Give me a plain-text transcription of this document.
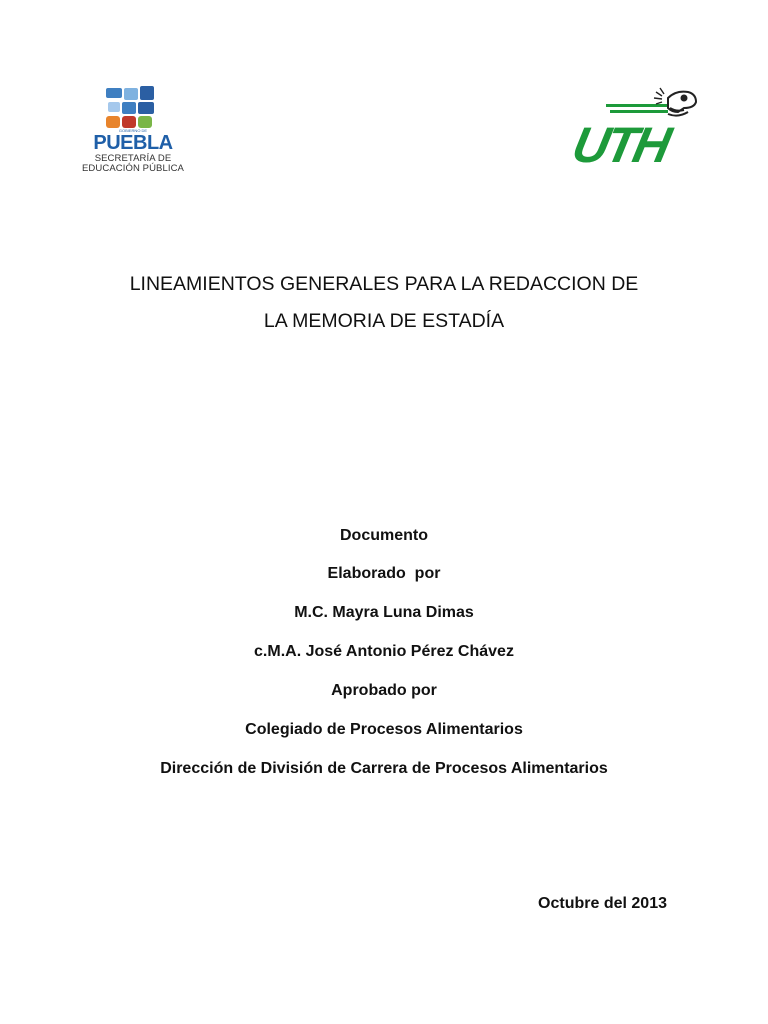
GOBIERNO DE
PUEBLA
SECRETARÍA DE
EDUCACIÓN PÚBLICA	UTH
LINEAMIENTOS GENERALES PARA LA REDACCION DE
LA MEMORIA DE ESTADÍA
Documento
Elaborado  por
M.C. Mayra Luna Dimas
c.M.A. José Antonio Pérez Chávez
Aprobado por
Colegiado de Procesos Alimentarios
Dirección de División de Carrera de Procesos Alimentarios
Octubre del 2013
